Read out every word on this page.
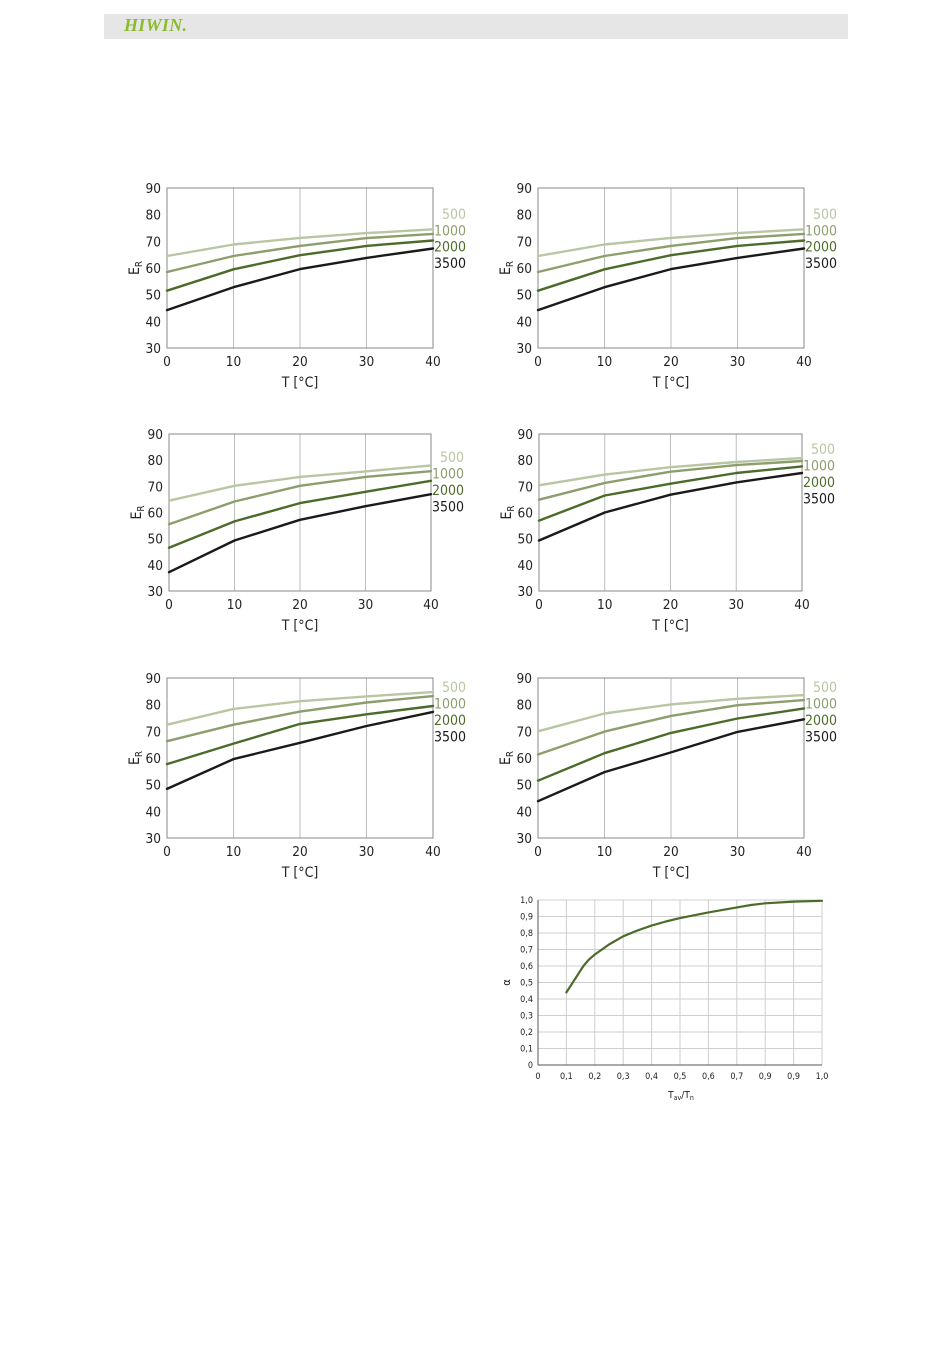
HIWIN.
30
40
50
60
70
80
90
0	10	20	30	40
T [°C]
$E_R$
500
1000
2000
3500
30
40
50
60
70
80
90
0	10	20	30	40
T [°C]
$E_R$
500
1000
2000
3500
30
40
50
60
70
80
90
0	10	20	30	40
T [°C]
$E_R$
500
1000
2000
3500
30
40
50
60
70
80
90
0	10	20	30	40
T [°C]
$E_R$
500
1000
2000
3500
30
40
50
60
70
80
90
0	10	20	30	40
T [°C]
$E_R$
500
1000
2000
3500
30
40
50
60
70
80
90
0	10	20	30	40
T [°C]
$E_R$
500
1000
2000
3500
0
0,1
0,2
0,3
0,4
0,5
0,6
0,7
0,8
0,9
1,0
0 0,1 0,2 0,3 0,4 0,5 0,6 0,7 0,9 0,9 1,0
$T_{av}/T_n$
α
